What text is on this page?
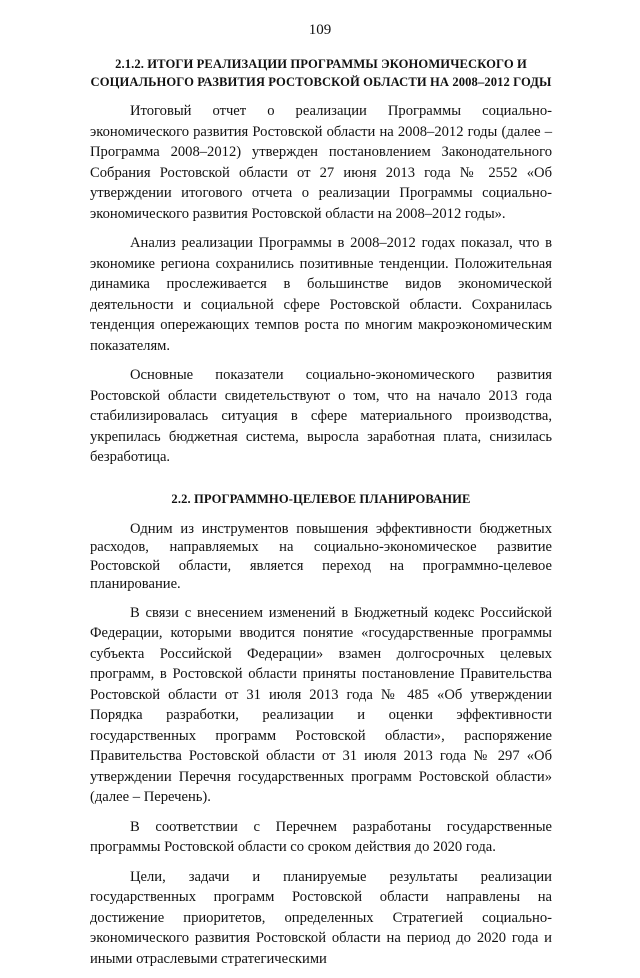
109
2.1.2. ИТОГИ РЕАЛИЗАЦИИ ПРОГРАММЫ ЭКОНОМИЧЕСКОГО И
СОЦИАЛЬНОГО РАЗВИТИЯ РОСТОВСКОЙ ОБЛАСТИ НА 2008–2012 ГОДЫ

Итоговый отчет о реализации Программы социально-экономического развития Ростовской области на 2008–2012 годы (далее – Программа 2008–2012) утвержден постановлением Законодательного Собрания Ростовской области от 27 июня 2013 года № 2552 «Об утверждении итогового отчета о реализации Программы социально-экономического развития Ростовской области на 2008–2012 годы».

Анализ реализации Программы в 2008–2012 годах показал, что в экономике региона сохранились позитивные тенденции. Положительная динамика прослеживается в большинстве видов экономической деятельности и социальной сфере Ростовской области. Сохранилась тенденция опережающих темпов роста по многим макроэкономическим показателям.

Основные показатели социально-экономического развития Ростовской области свидетельствуют о том, что на начало 2013 года стабилизировалась ситуация в сфере материального производства, укрепилась бюджетная система, выросла заработная плата, снизилась безработица.

2.2. ПРОГРАММНО-ЦЕЛЕВОЕ ПЛАНИРОВАНИЕ

Одним из инструментов повышения эффективности бюджетных расходов, направляемых на социально-экономическое развитие Ростовской области, является переход на программно-целевое планирование.

В связи с внесением изменений в Бюджетный кодекс Российской Федерации, которыми вводится понятие «государственные программы субъекта Российской Федерации» взамен долгосрочных целевых программ, в Ростовской области приняты постановление Правительства Ростовской области от 31 июля 2013 года № 485 «Об утверждении Порядка разработки, реализации и оценки эффективности государственных программ Ростовской области», распоряжение Правительства Ростовской области от 31 июля 2013 года № 297 «Об утверждении Перечня государственных программ Ростовской области» (далее – Перечень).

В соответствии с Перечнем разработаны государственные программы Ростовской области со сроком действия до 2020 года.

Цели, задачи и планируемые результаты реализации государственных программ Ростовской области направлены на достижение приоритетов, определенных Стратегией социально-экономического развития Ростовской области на период до 2020 года и иными отраслевыми стратегическими
